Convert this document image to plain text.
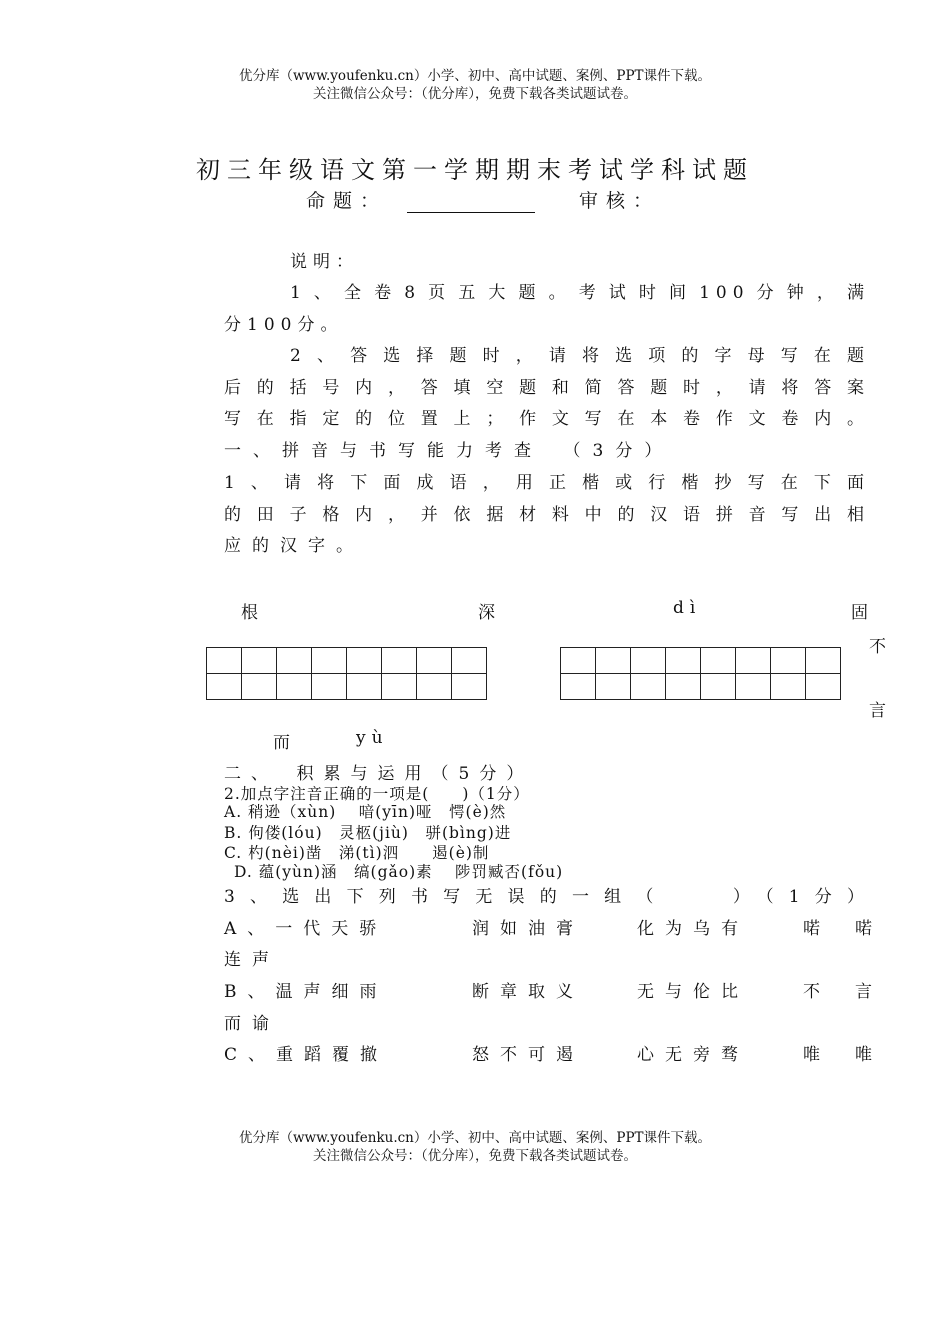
优分库（www.youfenku.cn）小学、初中、高中试题、案例、PPT课件下载。
关注微信公众号：（优分库），免费下载各类试题试卷。
初三年级语文第一学期期末考试学科试题
命题：	审核：
说明：
1、全卷8页五大题。考试时间100分钟，满
分100分。
2、答选择题时，请将选项的字母写在题
后的括号内，答填空题和简答题时，请将答案
写在指定的位置上；作文写在本卷作文卷内。
一、拼音与书写能力考查　（3分）
1、请将下面成语，用正楷或行楷抄写在下面
的田子格内，并依据材料中的汉语拼音写出相
应的汉字。
根	深	dì	固
不
言
而	yù

二、　积累与运用（5分）
2.加点字注音正确的一项是(　　)（1分）
A. 稍逊（xùn)　 喑(yīn)哑　愕(è)然
B. 佝偻(lóu)　灵柩(jiù)　骈(bìng)进
C. 杓(nèi)凿　涕(tì)泗　　遏(è)制
D. 蕴(yùn)涵　缟(gǎo)素　 陟罚臧否(fǒu)
3、选出下列书写无误的一组（　　）（1分）
A、一代天骄	润如油膏	化为乌有	喏喏
连声
B、温声细雨	断章取义	无与伦比	不言
而谕
C、重蹈覆撤	怒不可遏	心无旁骛	唯唯
优分库（www.youfenku.cn）小学、初中、高中试题、案例、PPT课件下载。
关注微信公众号：（优分库），免费下载各类试题试卷。
